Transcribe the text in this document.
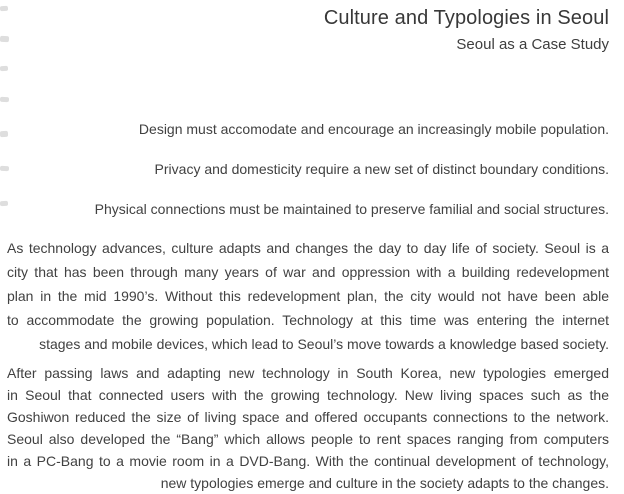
Culture and Typologies in Seoul
Seoul as a Case Study
Design must accomodate and encourage an increasingly mobile population.
Privacy and domesticity require a new set of distinct boundary conditions.
Physical connections must be maintained to preserve familial and social structures.
As technology advances, culture adapts and changes the day to day life of society. Seoul is a
city that has been through many years of war and oppression with a building redevelopment
plan in the mid 1990’s. Without this redevelopment plan, the city would not have been able
to accommodate the growing population. Technology at this time was entering the internet
stages and mobile devices, which lead to Seoul’s move towards a knowledge based society.
After passing laws and adapting new technology in South Korea, new typologies emerged
in Seoul that connected users with the growing technology. New living spaces such as the
Goshiwon reduced the size of living space and offered occupants connections to the network.
Seoul also developed the “Bang” which allows people to rent spaces ranging from computers
in a PC-Bang to a movie room in a DVD-Bang. With the continual development of technology,
new typologies emerge and culture in the society adapts to the changes.
